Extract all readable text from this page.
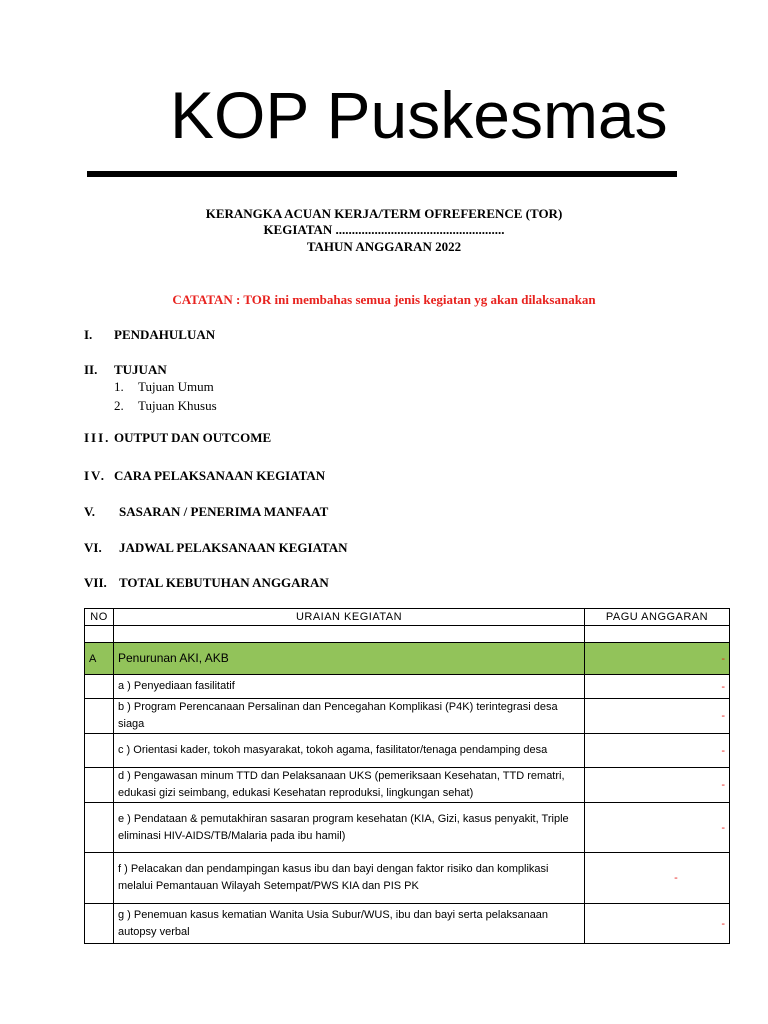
KOP Puskesmas
KERANGKA ACUAN KERJA/TERM OFREFERENCE (TOR)
KEGIATAN ....................................................
TAHUN ANGGARAN 2022
CATATAN : TOR ini membahas semua jenis kegiatan yg akan dilaksanakan
I. PENDAHULUAN
II. TUJUAN
1. Tujuan Umum
2. Tujuan Khusus
III. OUTPUT DAN OUTCOME
IV. CARA PELAKSANAAN KEGIATAN
V. SASARAN / PENERIMA MANFAAT
VI. JADWAL PELAKSANAAN KEGIATAN
VII. TOTAL KEBUTUHAN ANGGARAN
NO	URAIAN KEGIATAN	PAGU ANGGARAN

A	Penurunan AKI, AKB	-
	a ) Penyediaan fasilitatif	-
	b ) Program Perencanaan Persalinan dan Pencegahan Komplikasi (P4K) terintegrasi desa siaga	-
	c ) Orientasi kader, tokoh masyarakat, tokoh agama, fasilitator/tenaga pendamping desa	-
	d ) Pengawasan minum TTD dan Pelaksanaan UKS (pemeriksaan Kesehatan, TTD rematri, edukasi gizi seimbang, edukasi Kesehatan reproduksi, lingkungan sehat)	-
	e ) Pendataan & pemutakhiran sasaran program kesehatan (KIA, Gizi, kasus penyakit, Triple eliminasi HIV-AIDS/TB/Malaria pada ibu hamil)	-
	f ) Pelacakan dan pendampingan kasus ibu dan bayi dengan faktor risiko dan komplikasi melalui Pemantauan Wilayah Setempat/PWS KIA dan PIS PK	-
	g ) Penemuan kasus kematian Wanita Usia Subur/WUS, ibu dan bayi serta pelaksanaan autopsy verbal	-
